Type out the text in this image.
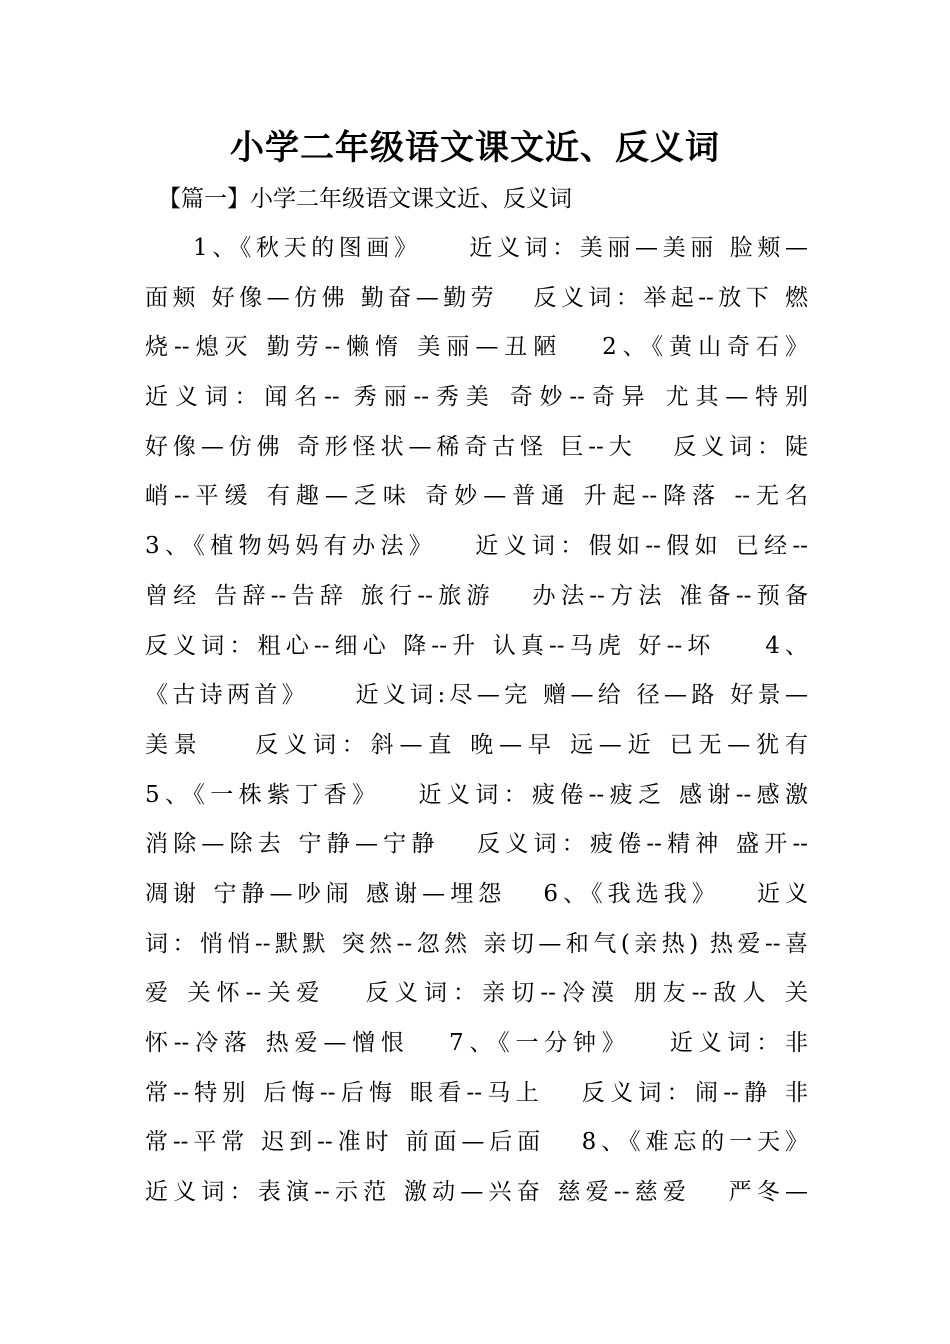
小学二年级语文课文近、反义词
【篇一】小学二年级语文课文近、反义词
1、《秋天的图画》    近义词：美丽—美丽 脸颊—
面颊 好像—仿佛 勤奋—勤劳   反义词：举起--放下 燃
烧--熄灭 勤劳--懒惰 美丽—丑陋   2、《黄山奇石》
近义词：闻名-- 秀丽--秀美 奇妙--奇异 尤其—特别
好像—仿佛 奇形怪状—稀奇古怪 巨--大   反义词：陡
峭--平缓 有趣—乏味 奇妙—普通 升起--降落 --无名
3、《植物妈妈有办法》   近义词：假如--假如 已经--
曾经 告辞--告辞 旅行--旅游   办法--方法 准备--预备
反义词：粗心--细心 降--升 认真--马虎 好--坏    4、
《古诗两首》    近义词:尽—完 赠—给 径—路 好景—
美景    反义词：斜—直 晚—早 远—近 已无—犹有
5、《一株紫丁香》   近义词：疲倦--疲乏 感谢--感激
消除—除去 宁静—宁静   反义词：疲倦--精神 盛开--
凋谢 宁静—吵闹 感谢—埋怨   6、《我选我》   近义
词：悄悄--默默 突然--忽然 亲切—和气(亲热) 热爱--喜
爱 关怀--关爱   反义词：亲切--冷漠 朋友--敌人 关
怀--冷落 热爱—憎恨   7、《一分钟》   近义词：非
常--特别 后悔--后悔 眼看--马上   反义词：闹--静 非
常--平常 迟到--准时 前面—后面   8、《难忘的一天》
近义词：表演--示范 激动—兴奋 慈爱--慈爱   严冬—
